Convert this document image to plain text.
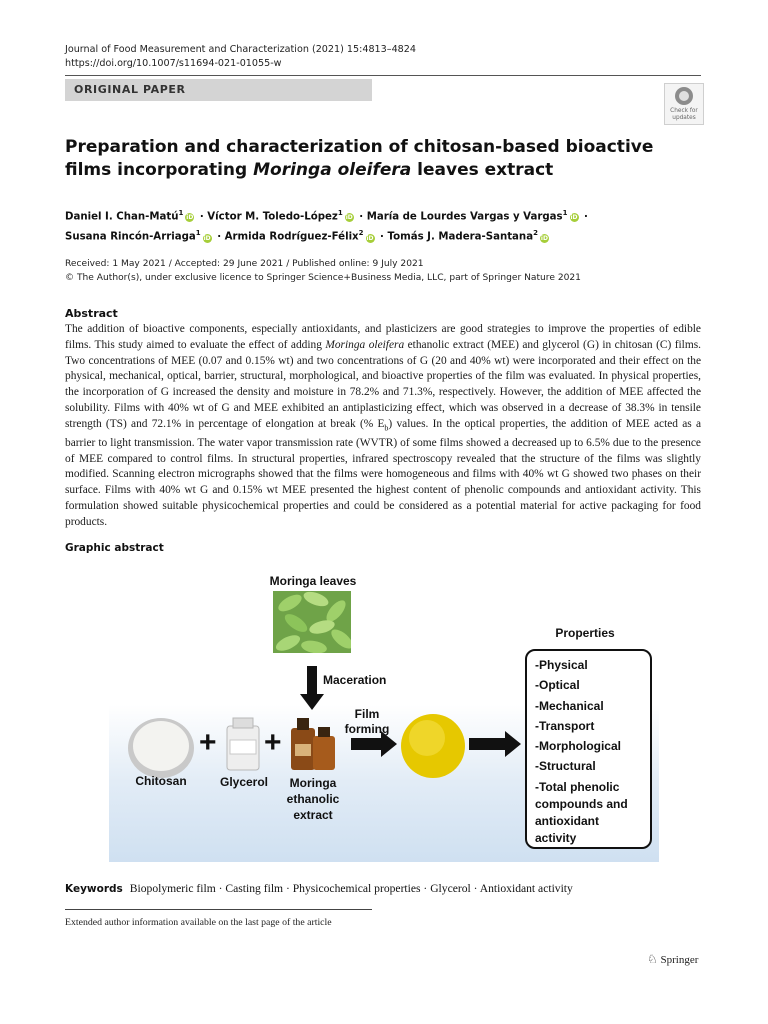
Journal of Food Measurement and Characterization (2021) 15:4813–4824
https://doi.org/10.1007/s11694-021-01055-w
ORIGINAL PAPER
Check for
updates
Preparation and characterization of chitosan-based bioactive films incorporating Moringa oleifera leaves extract
Daniel I. Chan-Matú$^1$iD · Víctor M. Toledo-López$^1$iD · María de Lourdes Vargas y Vargas$^1$iD ·
Susana Rincón-Arriaga$^1$iD · Armida Rodríguez-Félix$^2$iD · Tomás J. Madera-Santana$^2$iD
Received: 1 May 2021 / Accepted: 29 June 2021 / Published online: 9 July 2021
© The Author(s), under exclusive licence to Springer Science+Business Media, LLC, part of Springer Nature 2021
Abstract
The addition of bioactive components, especially antioxidants, and plasticizers are good strategies to improve the properties of edible films. This study aimed to evaluate the effect of adding Moringa oleifera ethanolic extract (MEE) and glycerol (G) in chitosan (C) films. Two concentrations of MEE (0.07 and 0.15% wt) and two concentrations of G (20 and 40% wt) were incorporated and their effect on the physical, mechanical, optical, barrier, structural, morphological, and bioactive properties of the film was evaluated. In physical properties, the incorporation of G increased the density and moisture in 78.2% and 71.3%, respectively. However, the addition of MEE affected the solubility. Films with 40% wt of G and MEE exhibited an antiplasticizing effect, which was observed in a decrease of 38.3% in tensile strength (TS) and 72.1% in percentage of elongation at break (% $E_b$) values. In the optical properties, the addition of MEE acted as a barrier to light transmission. The water vapor transmission rate (WVTR) of some films showed a decreased up to 6.5% due to the presence of MEE compared to control films. In structural properties, infrared spectroscopy revealed that the structure of the films was slightly modified. Scanning electron micrographs showed that the films were homogeneous and films with 40% wt G showed two phases on their surface. Films with 40% wt G and 0.15% wt MEE presented the highest content of phenolic compounds and antioxidant activity. This formulation showed suitable physicochemical properties and could be considered as a potential material for active packaging for food products.
Graphic abstract
Moringa leaves
Maceration
Film
forming
+ +
Chitosan	Glycerol	Moringa
ethanolic
extract
Properties
-Physical
-Optical
-Mechanical
-Transport
-Morphological
-Structural
-Total phenolic
compounds and
antioxidant
activity
Keywords Biopolymeric film · Casting film · Physicochemical properties · Glycerol · Antioxidant activity
Extended author information available on the last page of the article
♘ Springer
